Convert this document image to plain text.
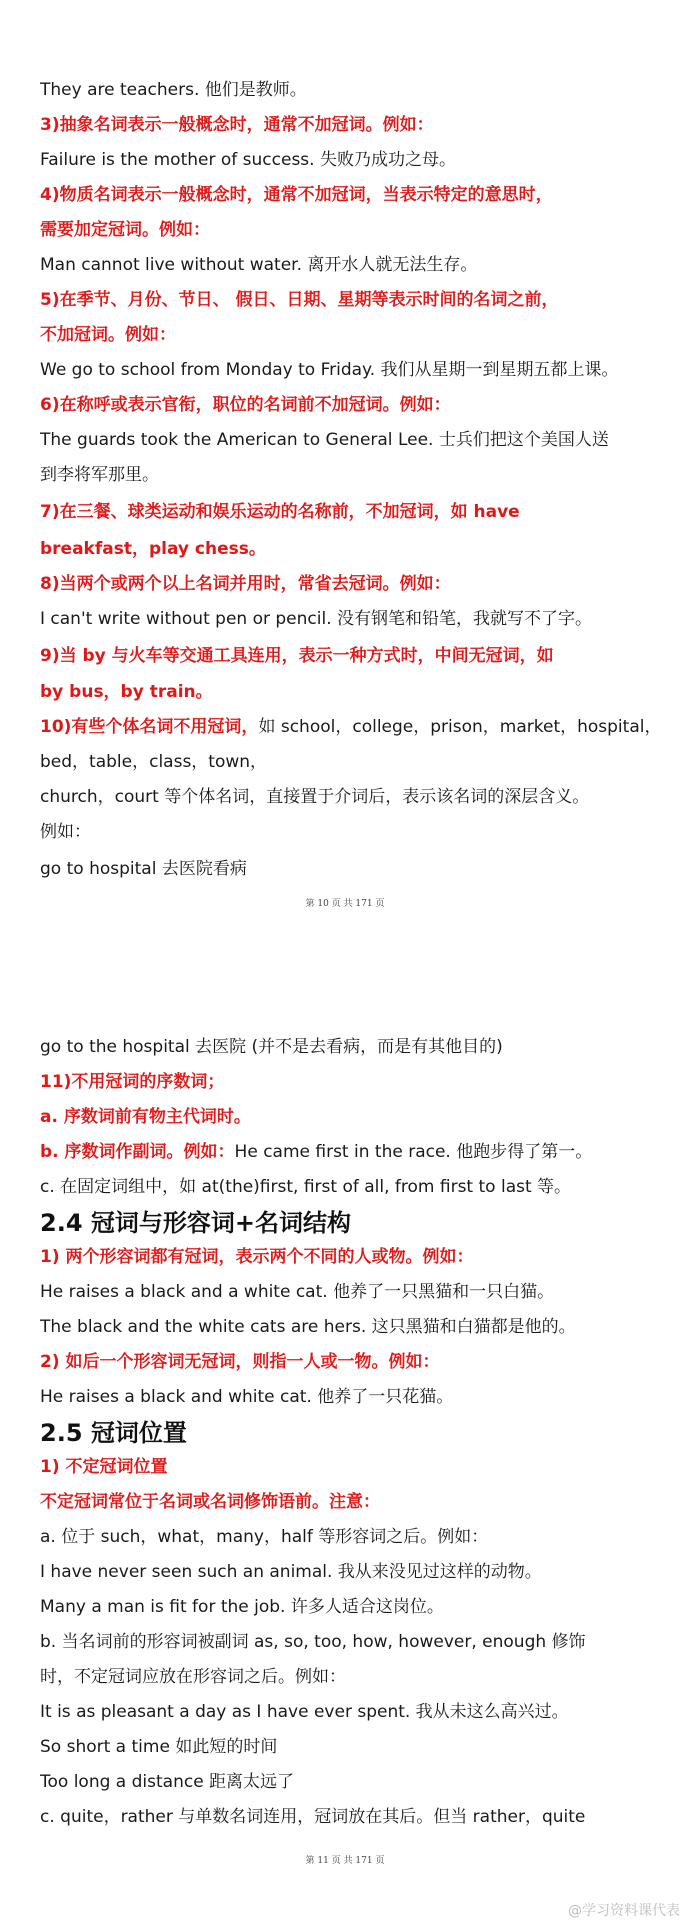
They are teachers. 他们是教师。
3)抽象名词表示一般概念时，通常不加冠词。例如：
Failure is the mother of success. 失败乃成功之母。
4)物质名词表示一般概念时，通常不加冠词，当表示特定的意思时，
需要加定冠词。例如：
Man cannot live without water. 离开水人就无法生存。
5)在季节、月份、节日、 假日、日期、星期等表示时间的名词之前，
不加冠词。例如：
We go to school from Monday to Friday. 我们从星期一到星期五都上课。
6)在称呼或表示官衔，职位的名词前不加冠词。例如：
The guards took the American to General Lee. 士兵们把这个美国人送
到李将军那里。
7)在三餐、球类运动和娱乐运动的名称前，不加冠词，如 have
breakfast，play chess。
8)当两个或两个以上名词并用时，常省去冠词。例如：
I can't write without pen or pencil. 没有钢笔和铅笔，我就写不了字。
9)当 by 与火车等交通工具连用，表示一种方式时，中间无冠词，如
by bus，by train。
10)有些个体名词不用冠词，如 school，college，prison，market，hospital，
bed，table，class，town，
church，court 等个体名词，直接置于介词后，表示该名词的深层含义。
例如：
go to hospital 去医院看病
第 10 页 共 171 页
go to the hospital 去医院 (并不是去看病，而是有其他目的)
11)不用冠词的序数词；
a. 序数词前有物主代词时。
b. 序数词作副词。例如：He came first in the race. 他跑步得了第一。
c. 在固定词组中，如 at(the)first, first of all, from first to last 等。
2.4 冠词与形容词+名词结构
1) 两个形容词都有冠词，表示两个不同的人或物。例如：
He raises a black and a white cat. 他养了一只黑猫和一只白猫。
The black and the white cats are hers. 这只黑猫和白猫都是他的。
2) 如后一个形容词无冠词，则指一人或一物。例如：
He raises a black and white cat. 他养了一只花猫。
2.5 冠词位置
1) 不定冠词位置
不定冠词常位于名词或名词修饰语前。注意：
a. 位于 such，what，many，half 等形容词之后。例如：
I have never seen such an animal. 我从来没见过这样的动物。
Many a man is fit for the job. 许多人适合这岗位。
b. 当名词前的形容词被副词 as, so, too, how, however, enough 修饰
时，不定冠词应放在形容词之后。例如：
It is as pleasant a day as I have ever spent. 我从未这么高兴过。
So short a time 如此短的时间
Too long a distance 距离太远了
c. quite，rather 与单数名词连用，冠词放在其后。但当 rather，quite
第 11 页 共 171 页
@学习资料课代表
